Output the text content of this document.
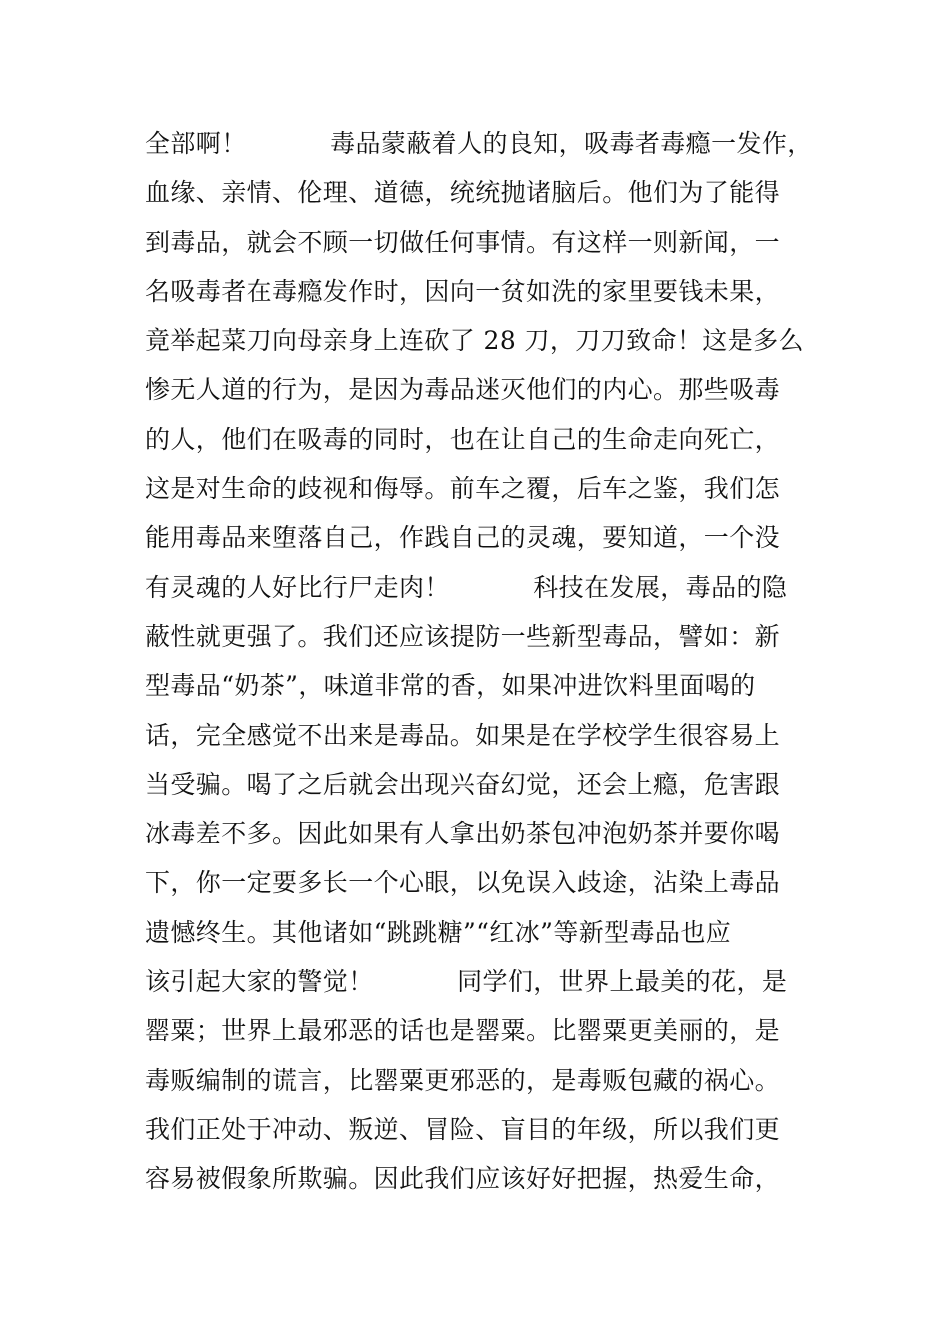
全部啊！          毒品蒙蔽着人的良知，吸毒者毒瘾一发作，
血缘、亲情、伦理、道德，统统抛诸脑后。他们为了能得
到毒品，就会不顾一切做任何事情。有这样一则新闻，一
名吸毒者在毒瘾发作时，因向一贫如洗的家里要钱未果，
竟举起菜刀向母亲身上连砍了 28 刀，刀刀致命！这是多么
惨无人道的行为，是因为毒品迷灭他们的内心。那些吸毒
的人，他们在吸毒的同时，也在让自己的生命走向死亡，
这是对生命的歧视和侮辱。前车之覆，后车之鉴，我们怎
能用毒品来堕落自己，作践自己的灵魂，要知道，一个没
有灵魂的人好比行尸走肉！          科技在发展，毒品的隐
蔽性就更强了。我们还应该提防一些新型毒品，譬如：新
型毒品“奶茶”，味道非常的香，如果冲进饮料里面喝的
话，完全感觉不出来是毒品。如果是在学校学生很容易上
当受骗。喝了之后就会出现兴奋幻觉，还会上瘾，危害跟
冰毒差不多。因此如果有人拿出奶茶包冲泡奶茶并要你喝
下，你一定要多长一个心眼，以免误入歧途，沾染上毒品
遗憾终生。其他诸如“跳跳糖”“红冰”等新型毒品也应
该引起大家的警觉！          同学们，世界上最美的花，是
罂粟；世界上最邪恶的话也是罂粟。比罂粟更美丽的，是
毒贩编制的谎言，比罂粟更邪恶的，是毒贩包藏的祸心。
我们正处于冲动、叛逆、冒险、盲目的年级，所以我们更
容易被假象所欺骗。因此我们应该好好把握，热爱生命，
